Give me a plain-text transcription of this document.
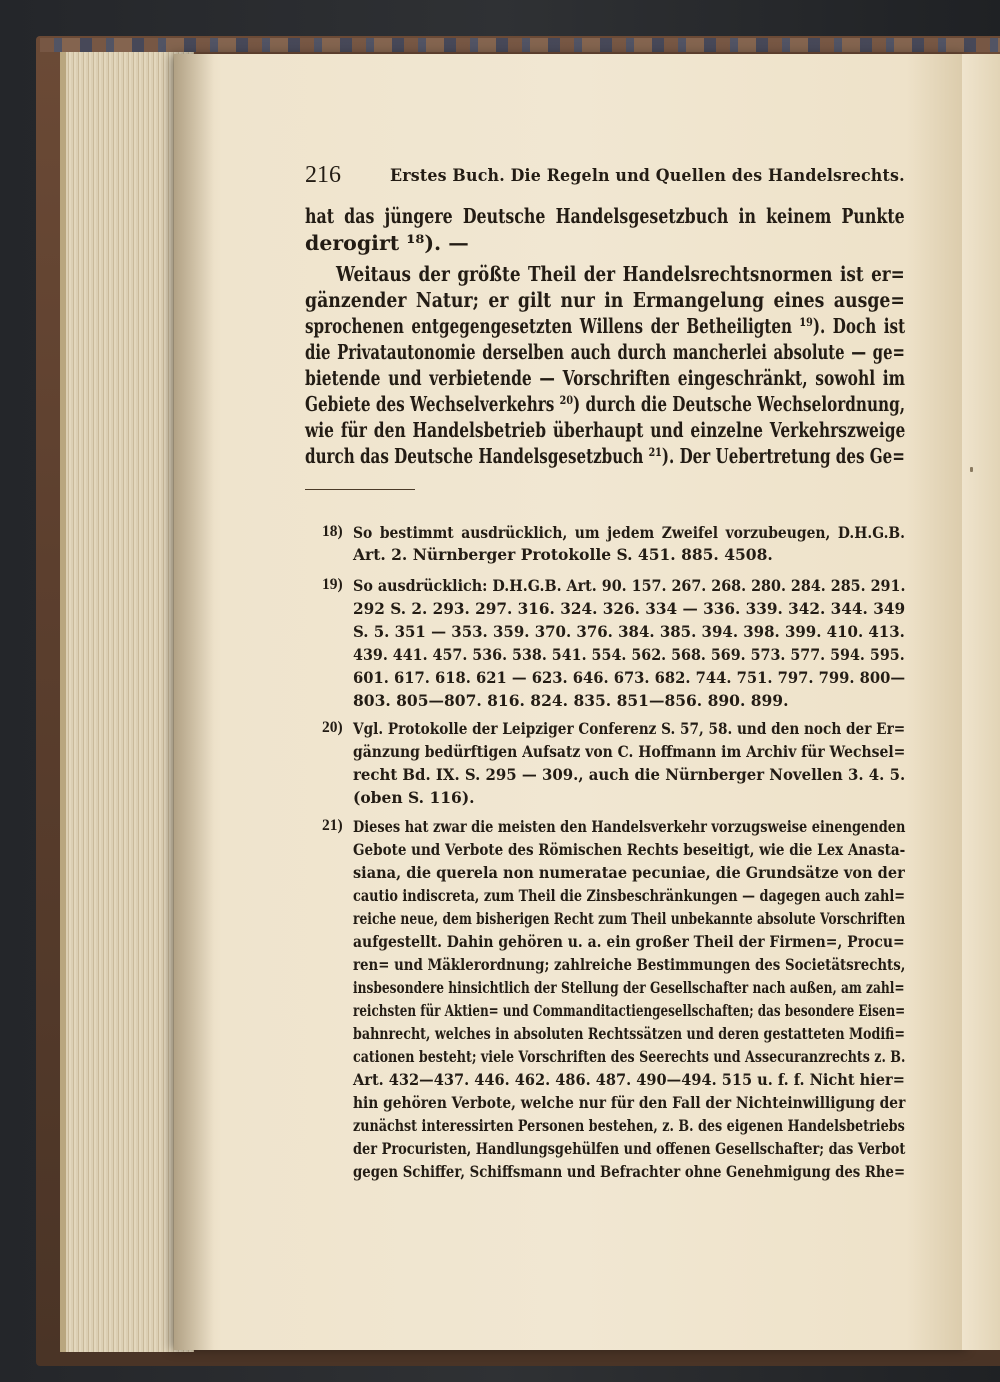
216	Erstes Buch. Die Regeln und Quellen des Handelsrechts.
hat das jüngere Deutsche Handelsgesetzbuch in keinem Punkte
derogirt ¹⁸). —
Weitaus der größte Theil der Handelsrechtsnormen ist er=
gänzender Natur; er gilt nur in Ermangelung eines ausge=
sprochenen entgegengesetzten Willens der Betheiligten ¹⁹). Doch ist
die Privatautonomie derselben auch durch mancherlei absolute — ge=
bietende und verbietende — Vorschriften eingeschränkt, sowohl im
Gebiete des Wechselverkehrs ²⁰) durch die Deutsche Wechselordnung,
wie für den Handelsbetrieb überhaupt und einzelne Verkehrszweige
durch das Deutsche Handelsgesetzbuch ²¹). Der Uebertretung des Ge=
18) So bestimmt ausdrücklich, um jedem Zweifel vorzubeugen, D.H.G.B.
Art. 2. Nürnberger Protokolle S. 451. 885. 4508.
19) So ausdrücklich: D.H.G.B. Art. 90. 157. 267. 268. 280. 284. 285. 291.
292 S. 2. 293. 297. 316. 324. 326. 334 — 336. 339. 342. 344. 349
S. 5. 351 — 353. 359. 370. 376. 384. 385. 394. 398. 399. 410. 413.
439. 441. 457. 536. 538. 541. 554. 562. 568. 569. 573. 577. 594. 595.
601. 617. 618. 621 — 623. 646. 673. 682. 744. 751. 797. 799. 800—
803. 805—807. 816. 824. 835. 851—856. 890. 899.
20) Vgl. Protokolle der Leipziger Conferenz S. 57, 58. und den noch der Er=
gänzung bedürftigen Aufsatz von C. Hoffmann im Archiv für Wechsel=
recht Bd. IX. S. 295 — 309., auch die Nürnberger Novellen 3. 4. 5.
(oben S. 116).
21) Dieses hat zwar die meisten den Handelsverkehr vorzugsweise einengenden
Gebote und Verbote des Römischen Rechts beseitigt, wie die Lex Anasta-
siana, die querela non numeratae pecuniae, die Grundsätze von der
cautio indiscreta, zum Theil die Zinsbeschränkungen — dagegen auch zahl=
reiche neue, dem bisherigen Recht zum Theil unbekannte absolute Vorschriften
aufgestellt. Dahin gehören u. a. ein großer Theil der Firmen=, Procu=
ren= und Mäklerordnung; zahlreiche Bestimmungen des Societätsrechts,
insbesondere hinsichtlich der Stellung der Gesellschafter nach außen, am zahl=
reichsten für Aktien= und Commanditactiengesellschaften; das besondere Eisen=
bahnrecht, welches in absoluten Rechtssätzen und deren gestatteten Modifi=
cationen besteht; viele Vorschriften des Seerechts und Assecuranzrechts z. B.
Art. 432—437. 446. 462. 486. 487. 490—494. 515 u. f. f. Nicht hier=
hin gehören Verbote, welche nur für den Fall der Nichteinwilligung der
zunächst interessirten Personen bestehen, z. B. des eigenen Handelsbetriebs
der Procuristen, Handlungsgehülfen und offenen Gesellschafter; das Verbot
gegen Schiffer, Schiffsmann und Befrachter ohne Genehmigung des Rhe=
